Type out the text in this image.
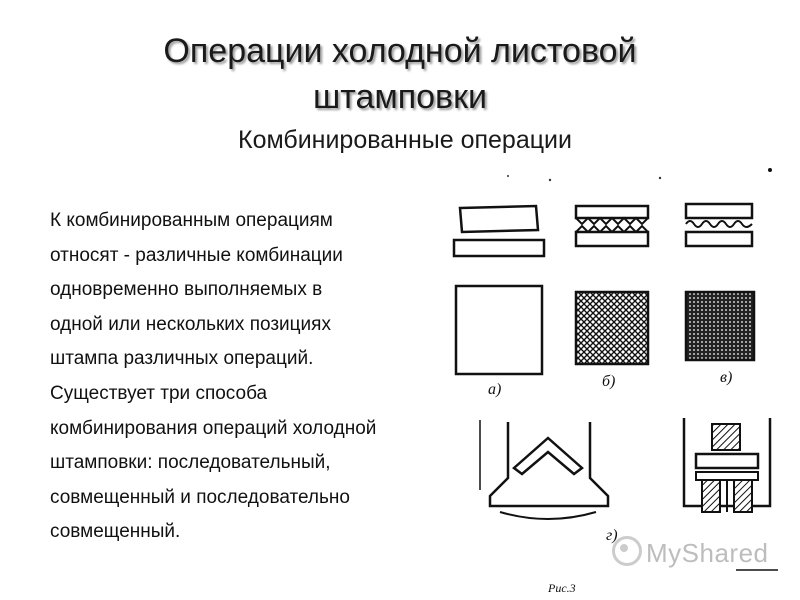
Операции холодной листовой
штамповки
Комбинированные операции
К комбинированным операциям
относят - различные комбинации
одновременно выполняемых в
одной или нескольких позициях
штампа различных операций.
Существует три способа
комбинирования операций холодной
штамповки: последовательный,
совмещенный и последовательно
совмещенный.
а)	б)	в)
г)
Рис.3
MyShared
